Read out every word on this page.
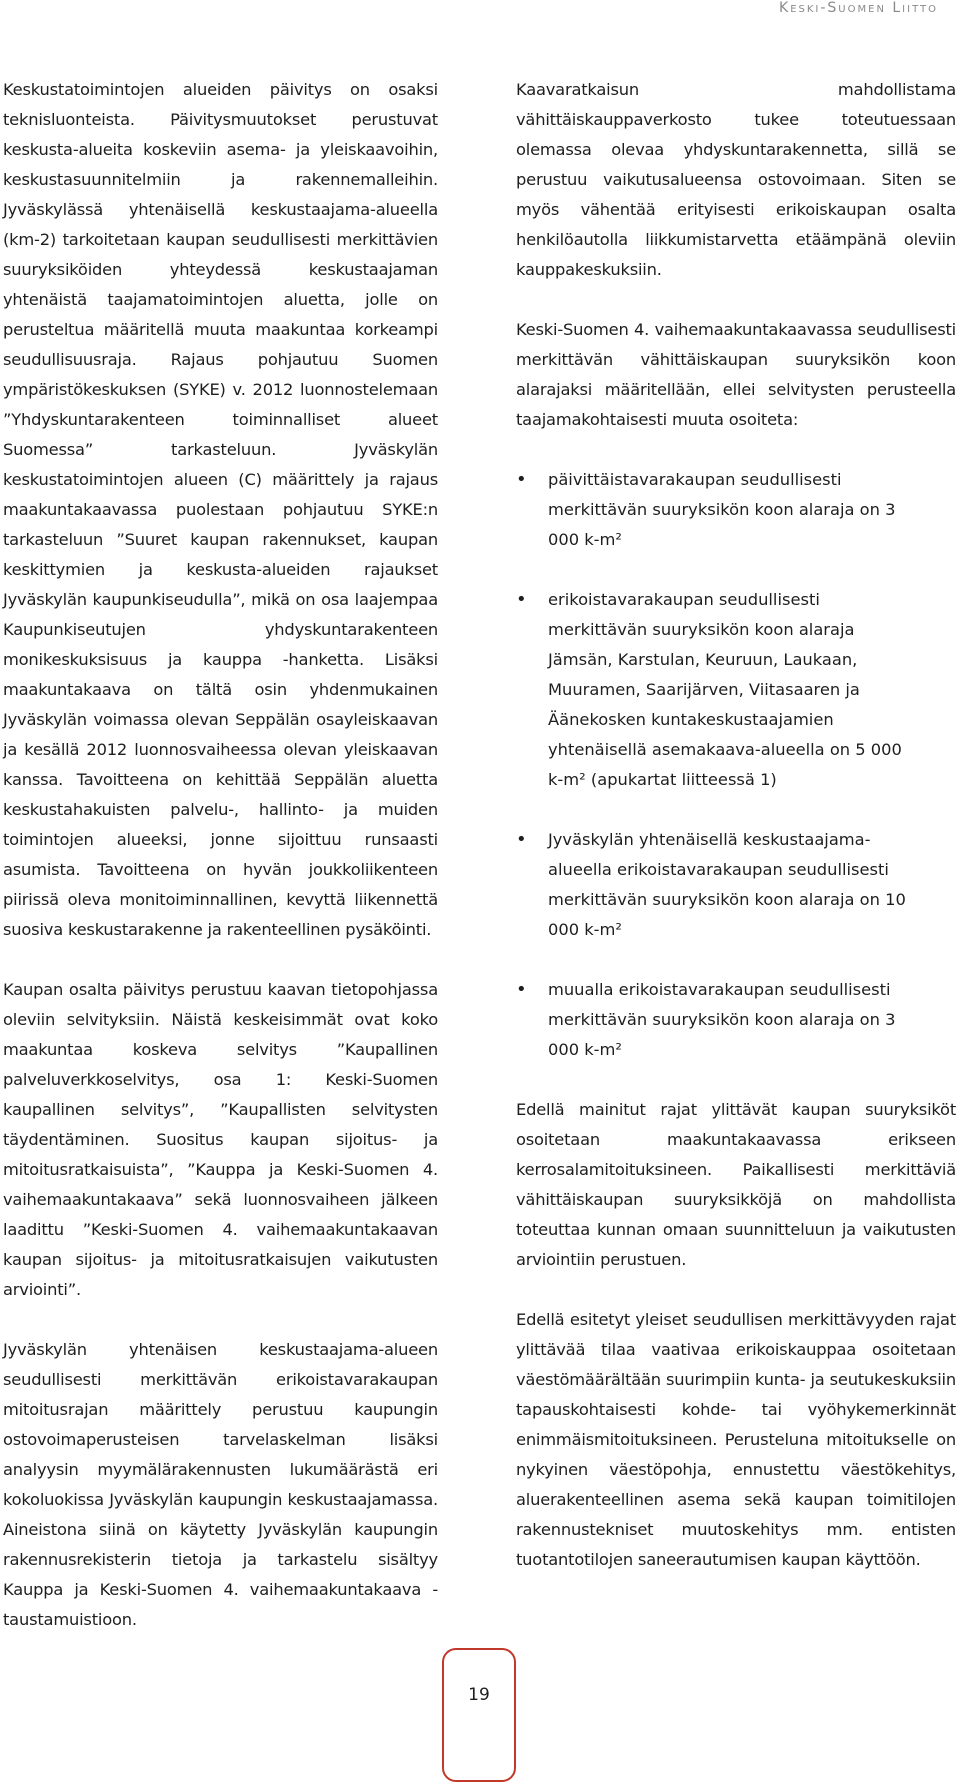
Keski-Suomen Liitto

Keskustatoimintojen alueiden päivitys on osaksi teknisluonteista. Päivitysmuutokset perustuvat keskusta-alueita koskeviin asema- ja yleiskaavoihin, keskustasuunnitelmiin ja rakennemalleihin. Jyväskylässä yhtenäisellä keskustaajama-alueella (km-2) tarkoitetaan kaupan seudullisesti merkittävien suuryksiköiden yhteydessä keskustaajaman yhtenäistä taajamatoimintojen aluetta, jolle on perusteltua määritellä muuta maakuntaa korkeampi seudullisuusraja. Rajaus pohjautuu Suomen ympäristökeskuksen (SYKE) v. 2012 luonnostelemaan ”Yhdyskuntarakenteen toiminnalliset alueet Suomessa” tarkasteluun. Jyväskylän keskustatoimintojen alueen (C) määrittely ja rajaus maakuntakaavassa puolestaan pohjautuu SYKE:n tarkasteluun ”Suuret kaupan rakennukset, kaupan keskittymien ja keskusta-alueiden rajaukset Jyväskylän kaupunkiseudulla”, mikä on osa laajempaa Kaupunkiseutujen yhdyskuntarakenteen monikeskuksisuus ja kauppa -hanketta. Lisäksi maakuntakaava on tältä osin yhdenmukainen Jyväskylän voimassa olevan Seppälän osayleiskaavan ja kesällä 2012 luonnosvaiheessa olevan yleiskaavan kanssa. Tavoitteena on kehittää Seppälän aluetta keskustahakuisten palvelu-, hallinto- ja muiden toimintojen alueeksi, jonne sijoittuu runsaasti asumista. Tavoitteena on hyvän joukkoliikenteen piirissä oleva monitoiminnallinen, kevyttä liikennettä suosiva keskustarakenne ja rakenteellinen pysäköinti.

Kaupan osalta päivitys perustuu kaavan tietopohjassa oleviin selvityksiin. Näistä keskeisimmät ovat koko maakuntaa koskeva selvitys ”Kaupallinen palveluverkkoselvitys, osa 1: Keski-Suomen kaupallinen selvitys”, ”Kaupallisten selvitysten täydentäminen. Suositus kaupan sijoitus- ja mitoitusratkaisuista”, ”Kauppa ja Keski-Suomen 4. vaihemaakuntakaava” sekä luonnosvaiheen jälkeen laadittu ”Keski-Suomen 4. vaihemaakuntakaavan kaupan sijoitus- ja mitoitusratkaisujen vaikutusten arviointi”.

Jyväskylän yhtenäisen keskustaajama-alueen seudullisesti merkittävän erikoistavarakaupan mitoitusrajan määrittely perustuu kaupungin ostovoimaperusteisen tarvelaskelman lisäksi analyysin myymälärakennusten lukumäärästä eri kokoluokissa Jyväskylän kaupungin keskustaajamassa. Aineistona siinä on käytetty Jyväskylän kaupungin rakennusrekisterin tietoja ja tarkastelu sisältyy Kauppa ja Keski-Suomen 4. vaihemaakuntakaava -taustamuistioon.

Kaavaratkaisun mahdollistama vähittäiskauppaverkosto tukee toteutuessaan olemassa olevaa yhdyskuntarakennetta, sillä se perustuu vaikutusalueensa ostovoimaan. Siten se myös vähentää erityisesti erikoiskaupan osalta henkilöautolla liikkumistarvetta etäämpänä oleviin kauppakeskuksiin.

Keski-Suomen 4. vaihemaakuntakaavassa seudullisesti merkittävän vähittäiskaupan suuryksikön koon alarajaksi määritellään, ellei selvitysten perusteella taajamakohtaisesti muuta osoiteta:

• päivittäistavarakaupan seudullisesti merkittävän suuryksikön koon alaraja on 3 000 k-m²
• erikoistavarakaupan seudullisesti merkittävän suuryksikön koon alaraja Jämsän, Karstulan, Keuruun, Laukaan, Muuramen, Saarijärven, Viitasaaren ja Äänekosken kuntakeskustaajamien yhtenäisellä asemakaava-alueella on 5 000 k-m² (apukartat liitteessä 1)
• Jyväskylän yhtenäisellä keskustaajama-alueella erikoistavarakaupan seudullisesti merkittävän suuryksikön koon alaraja on 10 000 k-m²
• muualla erikoistavarakaupan seudullisesti merkittävän suuryksikön koon alaraja on 3 000 k-m²

Edellä mainitut rajat ylittävät kaupan suuryksiköt osoitetaan maakuntakaavassa erikseen kerrosalamitoituksineen. Paikallisesti merkittäviä vähittäiskaupan suuryksikköjä on mahdollista toteuttaa kunnan omaan suunnitteluun ja vaikutusten arviointiin perustuen.

Edellä esitetyt yleiset seudullisen merkittävyyden rajat ylittävää tilaa vaativaa erikoiskauppaa osoitetaan väestömäärältään suurimpiin kunta- ja seutukeskuksiin tapauskohtaisesti kohde- tai vyöhykemerkinnät enimmäismitoituksineen. Perusteluna mitoitukselle on nykyinen väestöpohja, ennustettu väestökehitys, aluerakenteellinen asema sekä kaupan toimitilojen rakennustekniset muutoskehitys mm. entisten tuotantotilojen saneerautumisen kaupan käyttöön.

19
